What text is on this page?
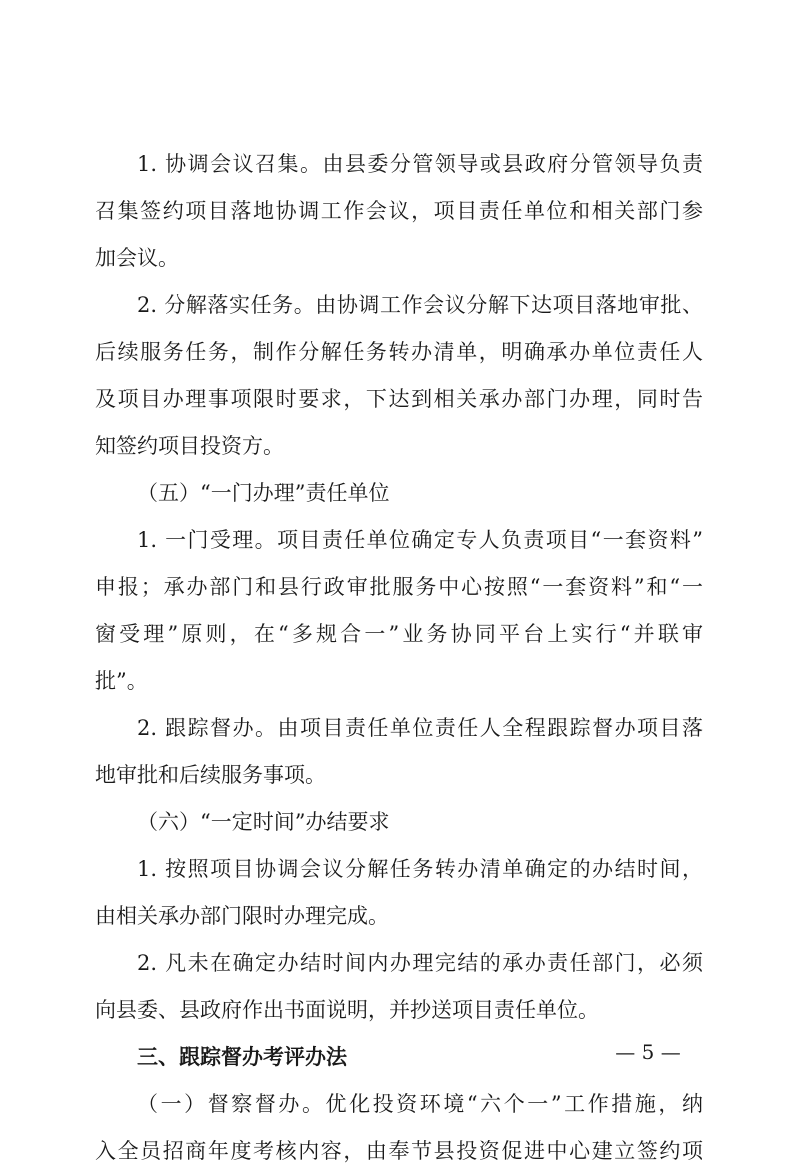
1. 协调会议召集。由县委分管领导或县政府分管领导负责
召集签约项目落地协调工作会议，项目责任单位和相关部门参
加会议。
2. 分解落实任务。由协调工作会议分解下达项目落地审批、
后续服务任务，制作分解任务转办清单，明确承办单位责任人
及项目办理事项限时要求，下达到相关承办部门办理，同时告
知签约项目投资方。
（五）“一门办理”责任单位
1. 一门受理。项目责任单位确定专人负责项目“一套资料”
申报；承办部门和县行政审批服务中心按照“一套资料”和“一
窗受理”原则，在“多规合一”业务协同平台上实行“并联审
批”。
2. 跟踪督办。由项目责任单位责任人全程跟踪督办项目落
地审批和后续服务事项。
（六）“一定时间”办结要求
1. 按照项目协调会议分解任务转办清单确定的办结时间，
由相关承办部门限时办理完成。
2. 凡未在确定办结时间内办理完结的承办责任部门，必须
向县委、县政府作出书面说明，并抄送项目责任单位。
三、跟踪督办考评办法
（一）督察督办。优化投资环境“六个一”工作措施，纳
入全员招商年度考核内容，由奉节县投资促进中心建立签约项
— 5 —
